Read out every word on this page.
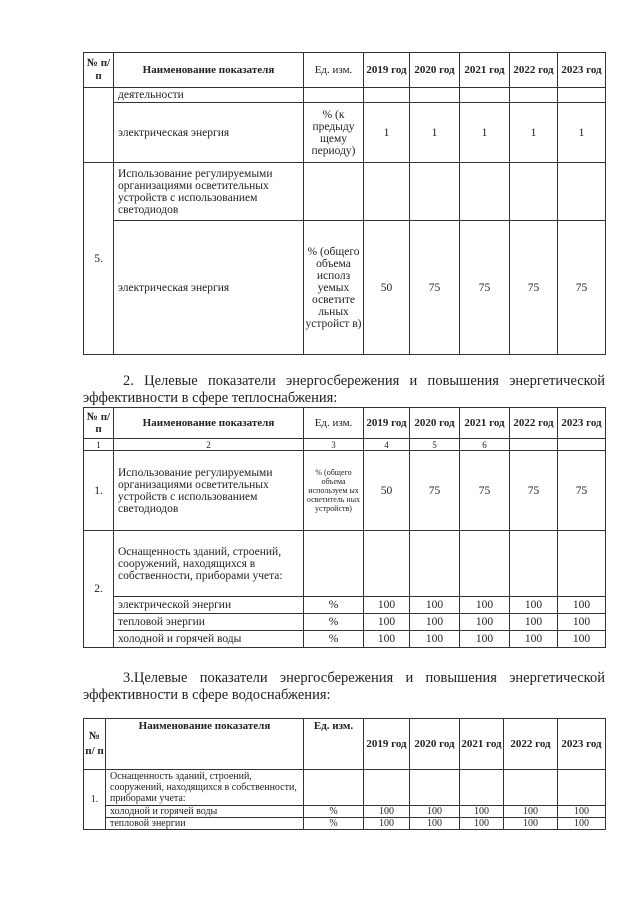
№ п/п	Наименование показателя	Ед. изм.	2019 год	2020 год	2021 год	2022 год	2023 год
	деятельности						
	электрическая энергия	% (к предыду щему периоду)	1	1	1	1	1
5.	Использование регулируемыми организациями осветительных устройств с использованием светодиодов						
	электрическая энергия	% (общего объема исполз уемых осветите льных устройст в)	50	75	75	75	75
2. Целевые показатели энергосбережения и повышения энергетической эффективности в сфере теплоснабжения:
№ п/п	Наименование показателя	Ед. изм.	2019 год	2020 год	2021 год	2022 год	2023 год
1	2	3	4	5	6		
1.	Использование регулируемыми организациями осветительных устройств с использованием светодиодов	% (общего объема используем ых осветитель ных устройств)	50	75	75	75	75
2.	Оснащенность зданий, строений, сооружений, находящихся в собственности, приборами учета:						
	электрической энергии	%	100	100	100	100	100
	тепловой энергии	%	100	100	100	100	100
	холодной и горячей воды	%	100	100	100	100	100
3.Целевые показатели энергосбережения и повышения энергетической эффективности в сфере водоснабжения:
№ п/ п	Наименование показателя	Ед. изм.	2019 год	2020 год	2021 год	2022 год	2023 год
1.	Оснащенность зданий, строений, сооружений, находящихся в собственности, приборами учета:						
	холодной и горячей воды	%	100	100	100	100	100
	тепловой энергии	%	100	100	100	100	100
